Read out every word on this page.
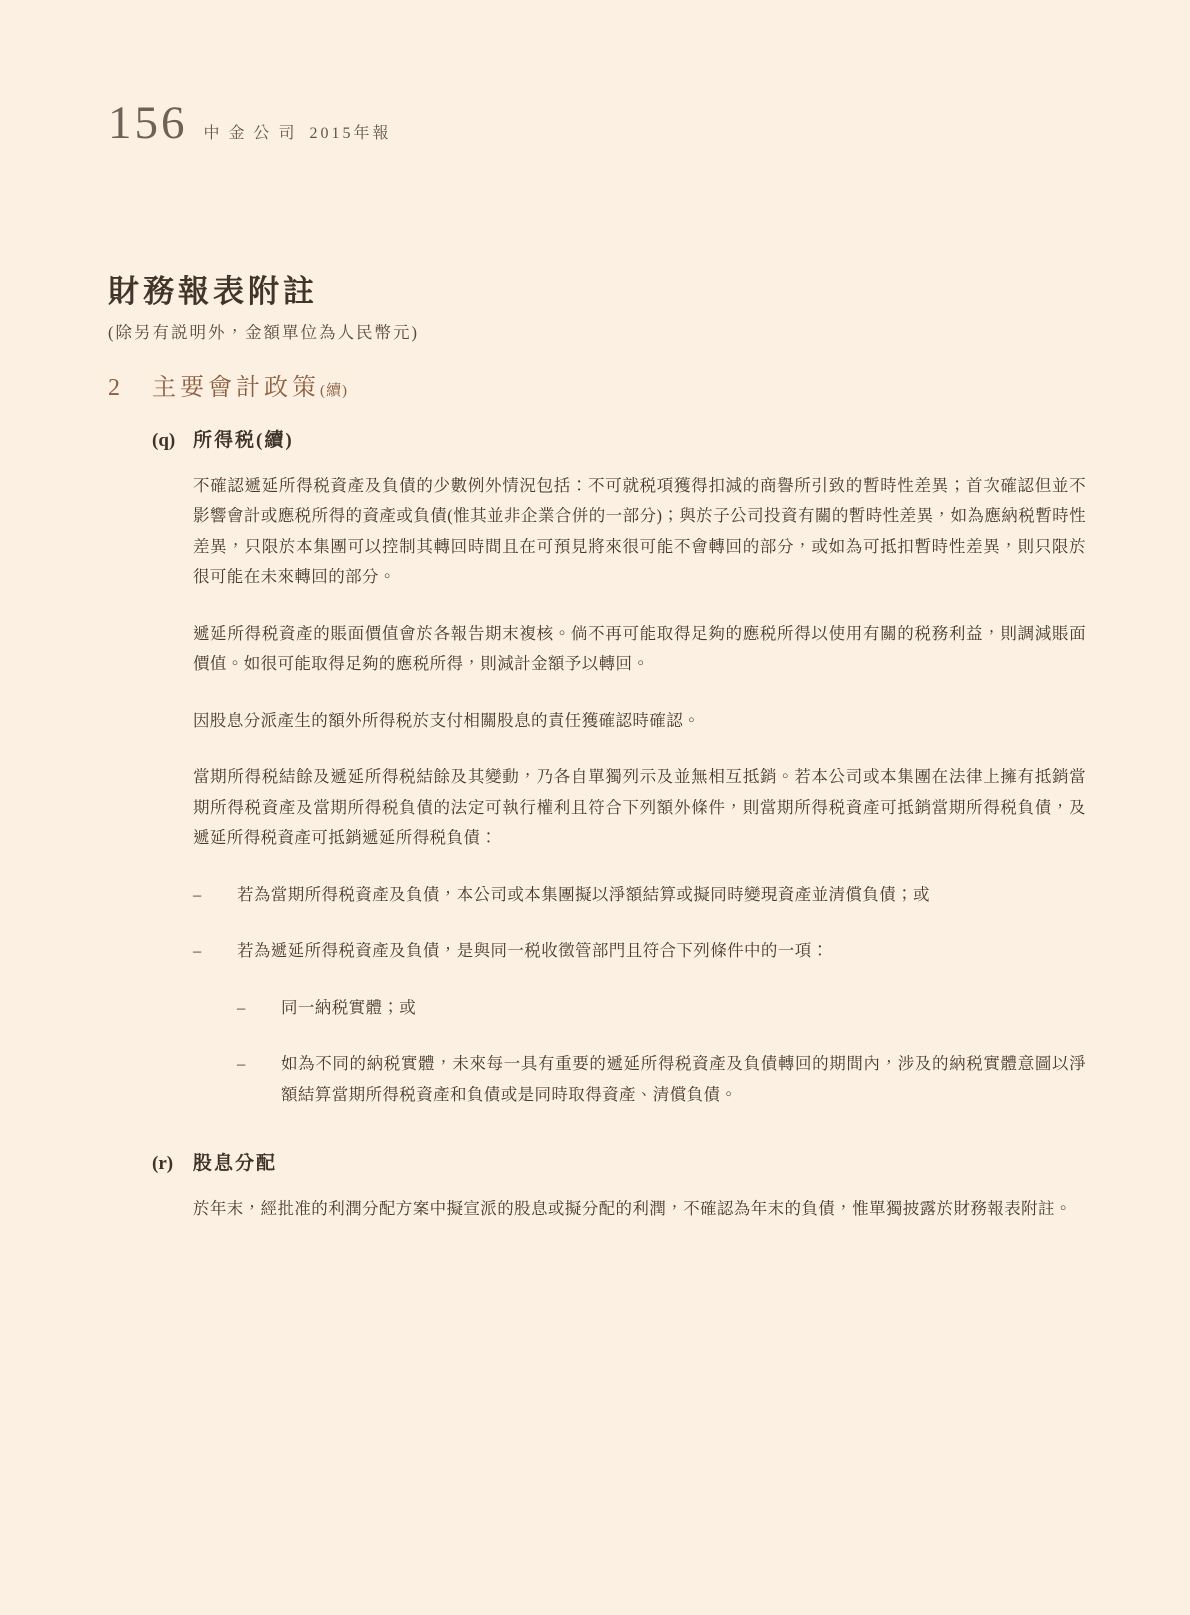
156 中金公司 2015年報
財務報表附註

(除另有説明外，金額單位為人民幣元)

2	主要會計政策(續)
(q) 所得税(續)

不確認遞延所得税資產及負債的少數例外情況包括：不可就税項獲得扣減的商譽所引致的暫時性差異；首次確認但並不影響會計或應税所得的資產或負債(惟其並非企業合併的一部分)；與於子公司投資有關的暫時性差異，如為應納税暫時性差異，只限於本集團可以控制其轉回時間且在可預見將來很可能不會轉回的部分，或如為可抵扣暫時性差異，則只限於很可能在未來轉回的部分。

遞延所得税資產的賬面價值會於各報告期末複核。倘不再可能取得足夠的應税所得以使用有關的税務利益，則調減賬面價值。如很可能取得足夠的應税所得，則減計金額予以轉回。

因股息分派產生的額外所得税於支付相關股息的責任獲確認時確認。

當期所得税結餘及遞延所得税結餘及其變動，乃各自單獨列示及並無相互抵銷。若本公司或本集團在法律上擁有抵銷當期所得税資產及當期所得税負債的法定可執行權利且符合下列額外條件，則當期所得税資產可抵銷當期所得税負債，及遞延所得税資產可抵銷遞延所得税負債：

–	若為當期所得税資產及負債，本公司或本集團擬以淨額結算或擬同時變現資產並清償負債；或

–	若為遞延所得税資產及負債，是與同一税收徵管部門且符合下列條件中的一項：

–	同一納税實體；或

–	如為不同的納税實體，未來每一具有重要的遞延所得税資產及負債轉回的期間內，涉及的納税實體意圖以淨額結算當期所得税資產和負債或是同時取得資產、清償負債。

(r)	股息分配

於年末，經批准的利潤分配方案中擬宣派的股息或擬分配的利潤，不確認為年末的負債，惟單獨披露於財務報表附註。
